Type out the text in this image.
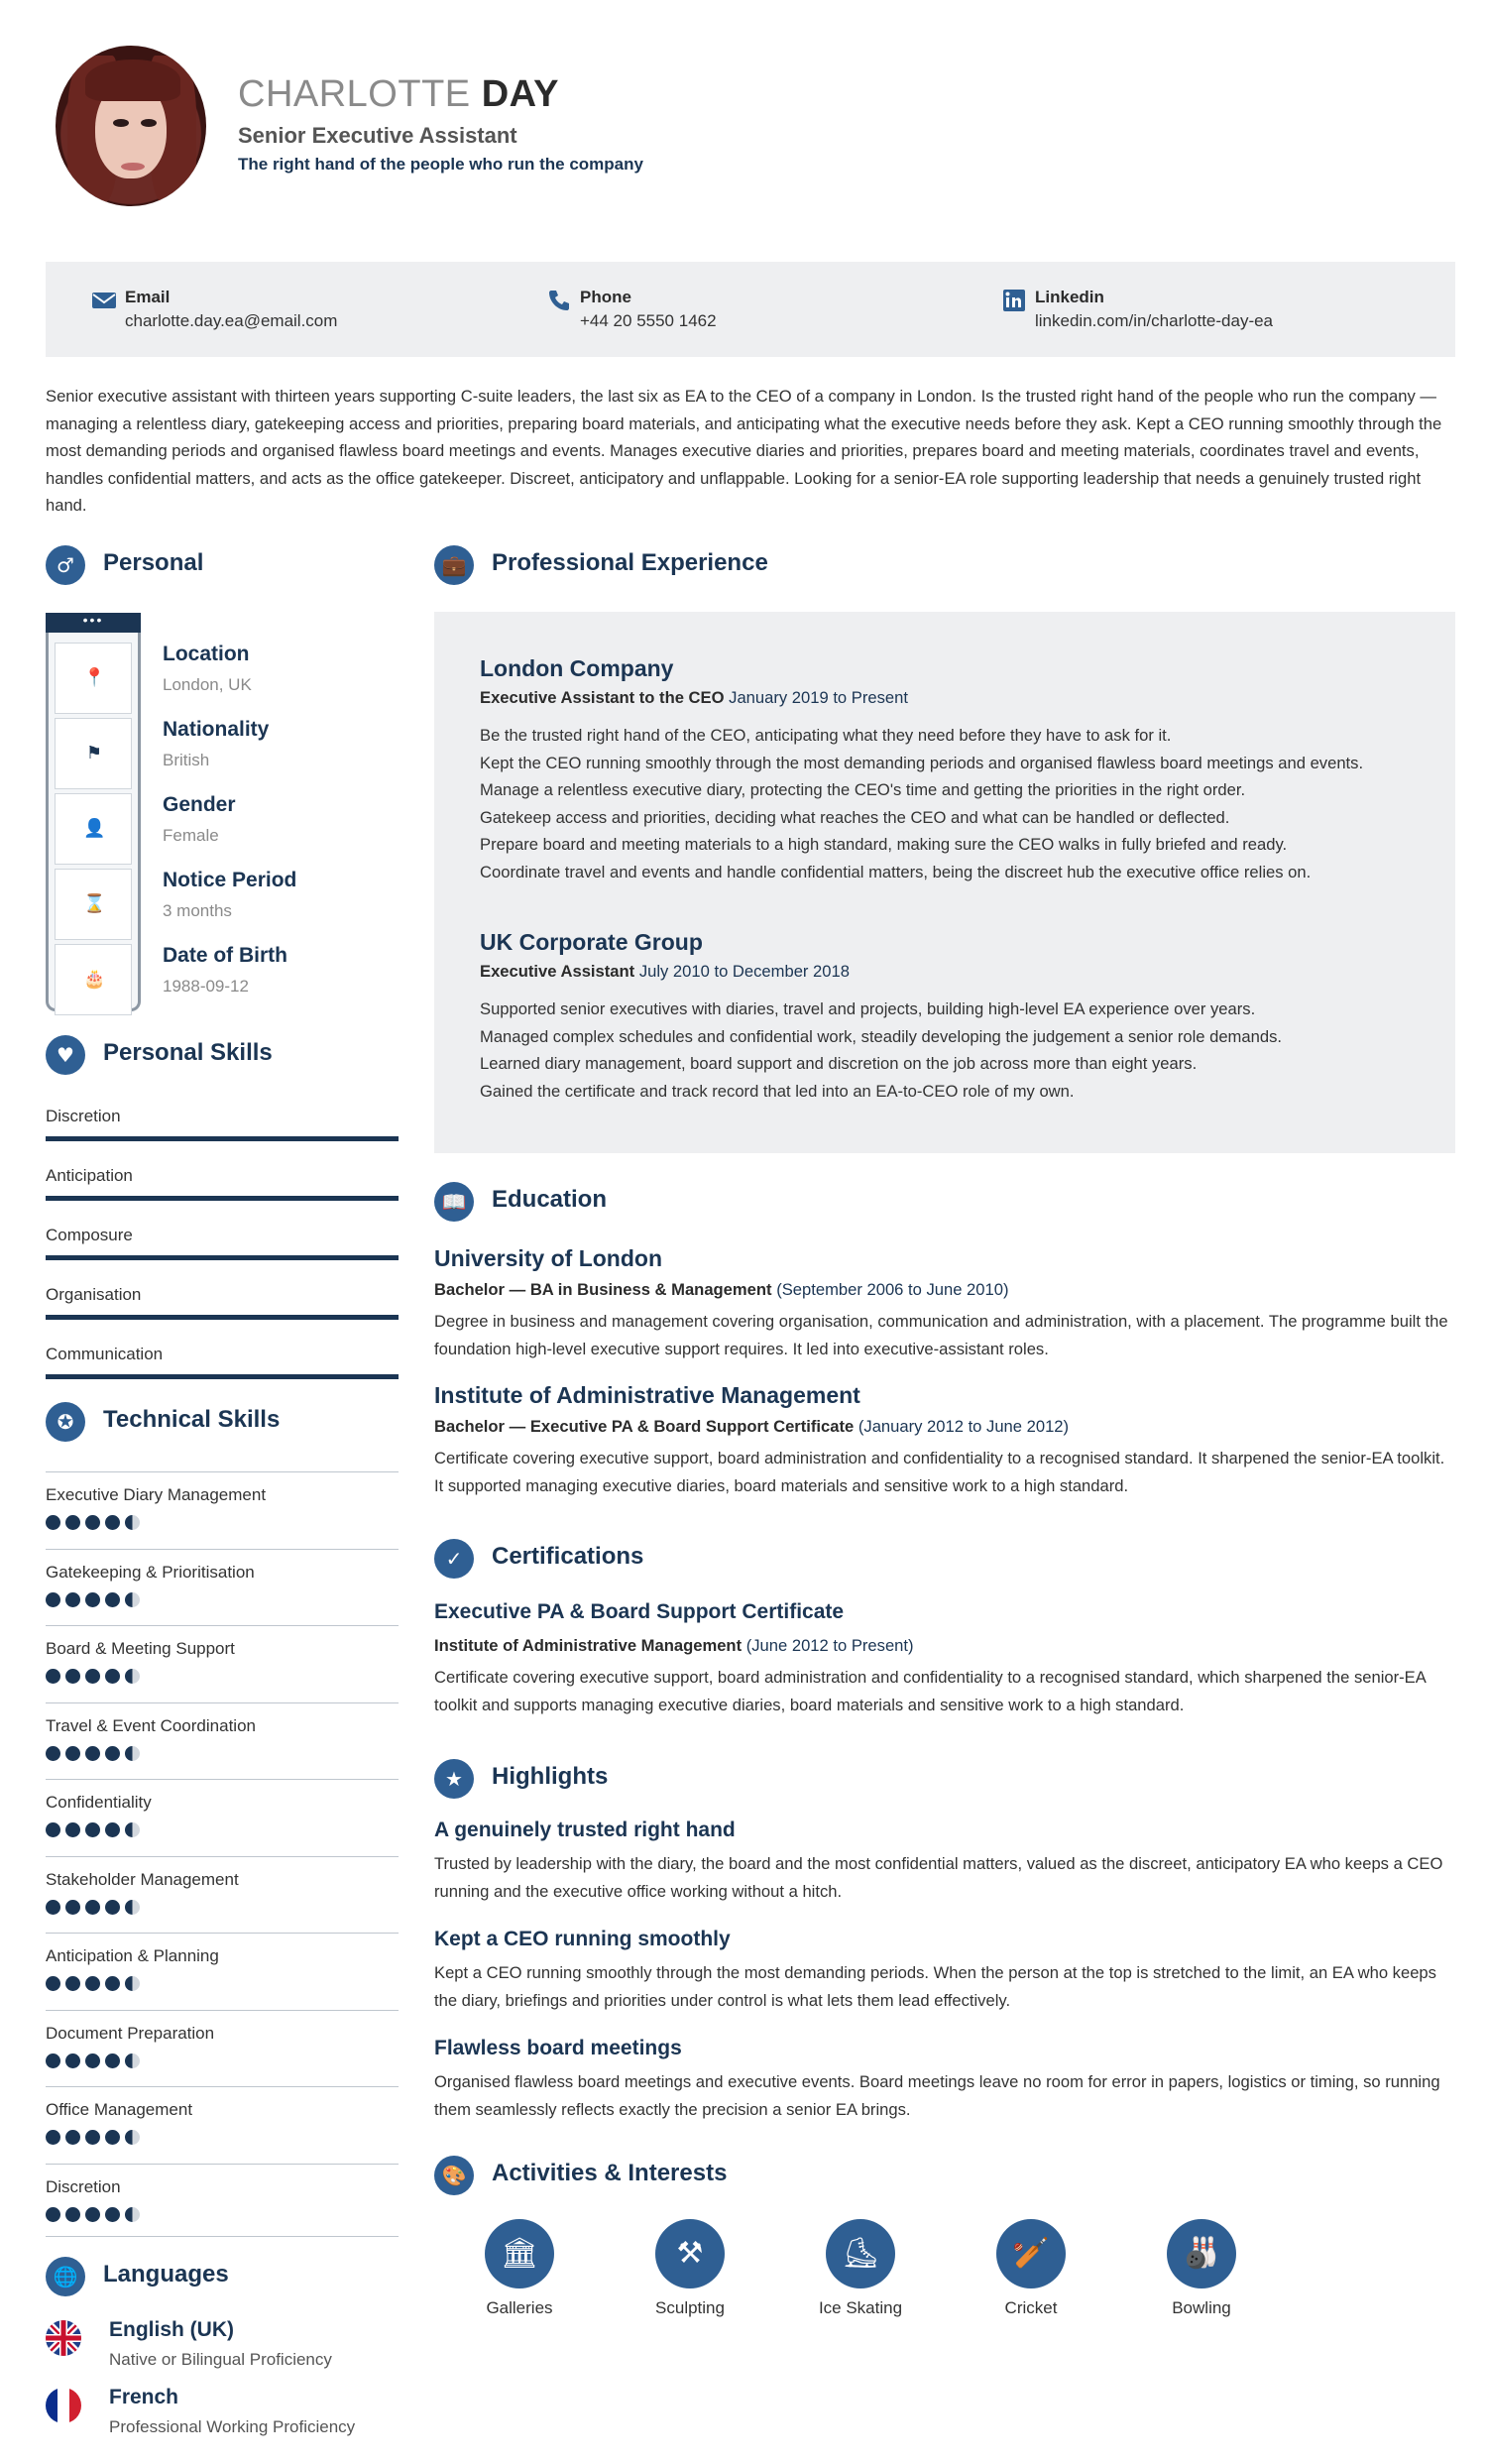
CHARLOTTE DAY
Senior Executive Assistant
The right hand of the people who run the company
Email
charlotte.day.ea@email.com
Phone
+44 20 5550 1462
Linkedin
linkedin.com/in/charlotte-day-ea
Senior executive assistant with thirteen years supporting C-suite leaders, the last six as EA to the CEO of a company in London. Is the trusted right hand of the people who run the company — managing a relentless diary, gatekeeping access and priorities, preparing board materials, and anticipating what the executive needs before they ask. Kept a CEO running smoothly through the most demanding periods and organised flawless board meetings and events. Manages executive diaries and priorities, prepares board and meeting materials, coordinates travel and events, handles confidential matters, and acts as the office gatekeeper. Discreet, anticipatory and unflappable. Looking for a senior-EA role supporting leadership that needs a genuinely trusted right hand.
♂	Personal
•••
📍
⚑
👤
⌛
🎂
Location
London, UK
Nationality
British
Gender
Female
Notice Period
3 months
Date of Birth
1988-09-12
♥	Personal Skills
Discretion
Anticipation
Composure
Organisation
Communication
✪	Technical Skills
Executive Diary Management
Gatekeeping & Prioritisation
Board & Meeting Support
Travel & Event Coordination
Confidentiality
Stakeholder Management
Anticipation & Planning
Document Preparation
Office Management
Discretion
🌐	Languages
English (UK)
Native or Bilingual Proficiency
French
Professional Working Proficiency
💼	Professional Experience
London Company
Executive Assistant to the CEO January 2019 to Present
Be the trusted right hand of the CEO, anticipating what they need before they have to ask for it.
Kept the CEO running smoothly through the most demanding periods and organised flawless board meetings and events.
Manage a relentless executive diary, protecting the CEO's time and getting the priorities in the right order.
Gatekeep access and priorities, deciding what reaches the CEO and what can be handled or deflected.
Prepare board and meeting materials to a high standard, making sure the CEO walks in fully briefed and ready.
Coordinate travel and events and handle confidential matters, being the discreet hub the executive office relies on.
UK Corporate Group
Executive Assistant July 2010 to December 2018
Supported senior executives with diaries, travel and projects, building high-level EA experience over years.
Managed complex schedules and confidential work, steadily developing the judgement a senior role demands.
Learned diary management, board support and discretion on the job across more than eight years.
Gained the certificate and track record that led into an EA-to-CEO role of my own.
📖	Education
University of London
Bachelor — BA in Business & Management (September 2006 to June 2010)
Degree in business and management covering organisation, communication and administration, with a placement. The programme built the foundation high-level executive support requires. It led into executive-assistant roles.
Institute of Administrative Management
Bachelor — Executive PA & Board Support Certificate (January 2012 to June 2012)
Certificate covering executive support, board administration and confidentiality to a recognised standard. It sharpened the senior-EA toolkit. It supported managing executive diaries, board materials and sensitive work to a high standard.
✓	Certifications
Executive PA & Board Support Certificate
Institute of Administrative Management (June 2012 to Present)
Certificate covering executive support, board administration and confidentiality to a recognised standard, which sharpened the senior-EA toolkit and supports managing executive diaries, board materials and sensitive work to a high standard.
★	Highlights
A genuinely trusted right hand
Trusted by leadership with the diary, the board and the most confidential matters, valued as the discreet, anticipatory EA who keeps a CEO running and the executive office working without a hitch.
Kept a CEO running smoothly
Kept a CEO running smoothly through the most demanding periods. When the person at the top is stretched to the limit, an EA who keeps the diary, briefings and priorities under control is what lets them lead effectively.
Flawless board meetings
Organised flawless board meetings and executive events. Board meetings leave no room for error in papers, logistics or timing, so running them seamlessly reflects exactly the precision a senior EA brings.
🎨	Activities & Interests
🏛
Galleries
⚒
Sculpting
⛸
Ice Skating
🏏
Cricket
🎳
Bowling
